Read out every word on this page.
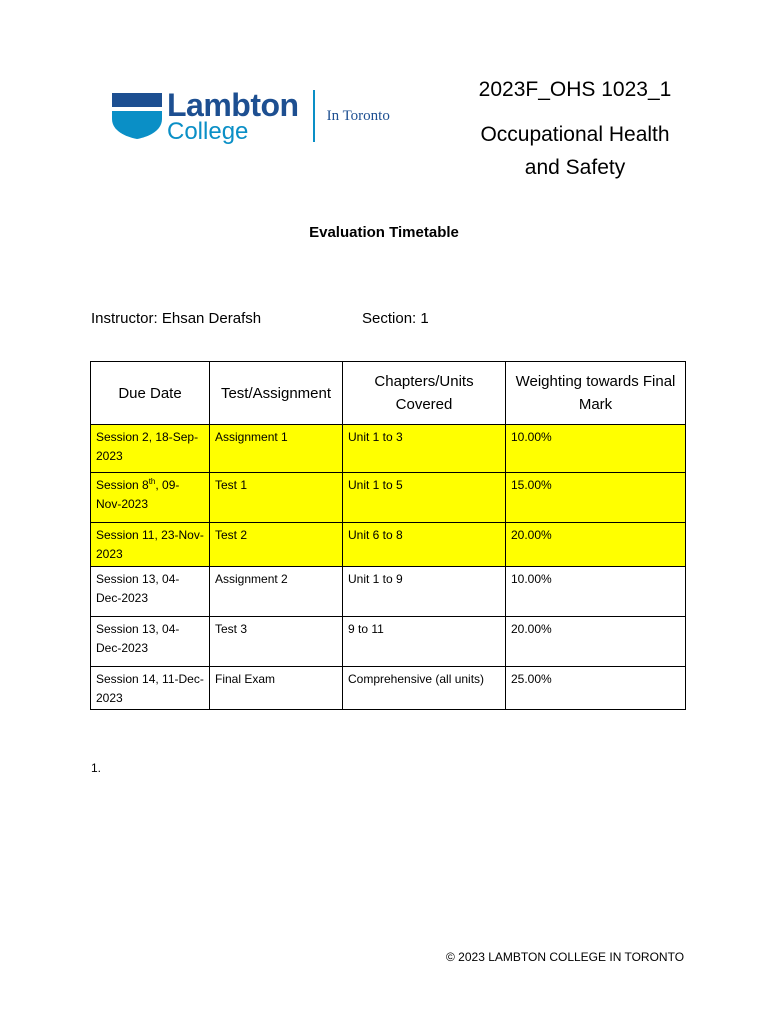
Lambton
College
In Toronto
2023F_OHS 1023_1
Occupational Health and Safety
Evaluation Timetable
Instructor: Ehsan Derafsh	Section: 1
Due Date	Test/Assignment	Chapters/Units Covered	Weighting towards Final Mark
Session 2, 18-Sep-2023	Assignment 1	Unit 1 to 3	10.00%
Session 8th, 09-Nov-2023	Test 1	Unit 1 to 5	15.00%
Session 11, 23-Nov-2023	Test 2	Unit 6 to 8	20.00%
Session 13, 04-Dec-2023	Assignment 2	Unit 1 to 9	10.00%
Session 13, 04-Dec-2023	Test 3	9 to 11	20.00%
Session 14, 11-Dec-2023	Final Exam	Comprehensive (all units)	25.00%
1.
© 2023 LAMBTON COLLEGE IN TORONTO
